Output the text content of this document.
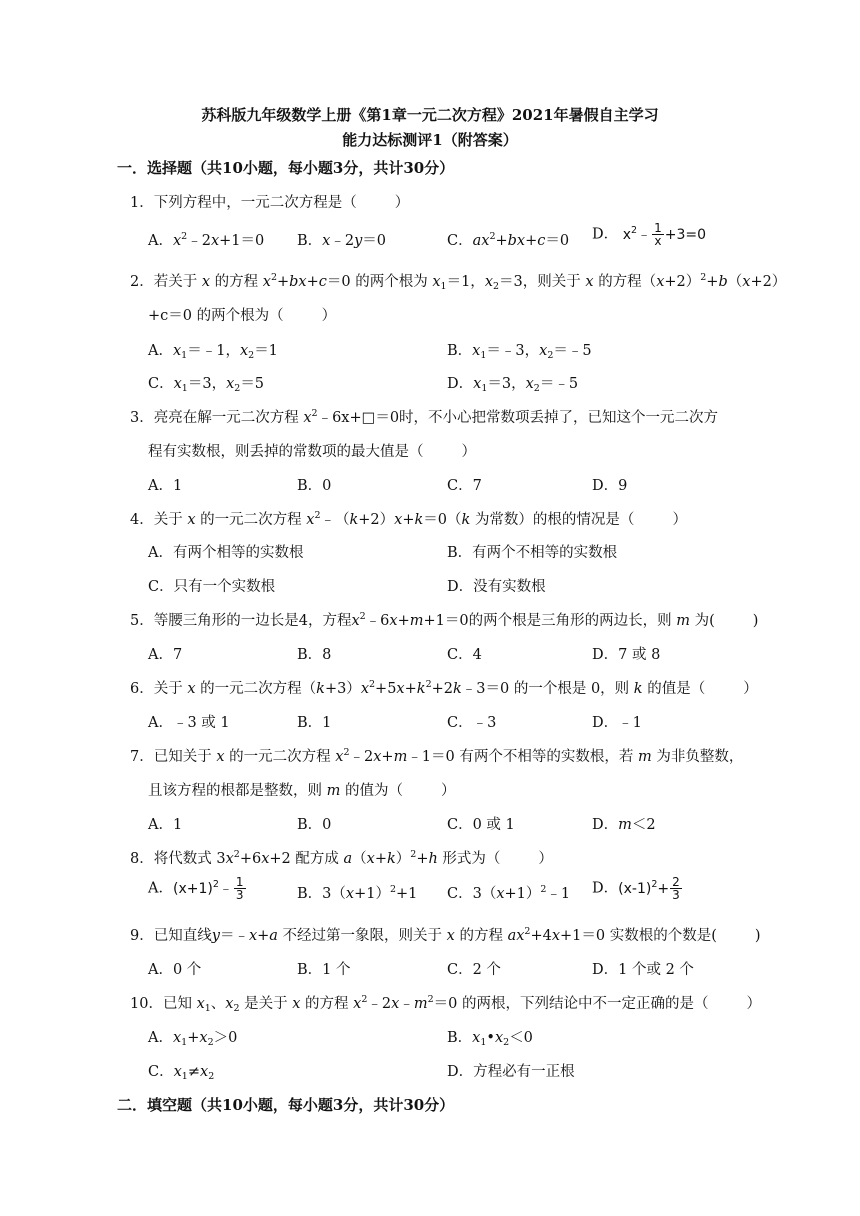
苏科版九年级数学上册《第1章一元二次方程》2021年暑假自主学习
能力达标测评1（附答案）
一．选择题（共10小题，每小题3分，共计30分）
1．下列方程中，一元二次方程是（	）
A．$x^2﹣2x+1=0$ B．x﹣2y＝0	C．$ax^2+bx+c=0$ D． $x^2﹣ \frac{1}{x} +3=0$
2．若关于 x 的方程 $x^2+bx+c=0$ 的两个根为 $x_1=1$，$x_2=3$，则关于 x 的方程$(x+2)^2+b(x+2)$
+c＝0 的两个根为（	）
A．$x_1=﹣1$，$x_2=1$	B．$x_1=﹣3$，$x_2=﹣5$
C．$x_1=3$，$x_2=5$	D．$x_1=3$，$x_2=﹣5$
3．亮亮在解一元二次方程 $x^2﹣6x+□=0$时，不小心把常数项丢掉了，已知这个一元二次方
程有实数根，则丢掉的常数项的最大值是（	）
A．1	B．0	C．7	D．9
4．关于 x 的一元二次方程 $x^2﹣(k+2)x+k=0(k$ 为常数）的根的情况是（	）
A．有两个相等的实数根	B．有两个不相等的实数根
C．只有一个实数根	D．没有实数根
5．等腰三角形的一边长是4，方程$x^2﹣6x+m+1=0$的两个根是三角形的两边长，则 m 为(	)
A．7	B．8	C．4	D．7 或 8
6．关于 x 的一元二次方程$(k+3)x^2+5x+k^2+2k﹣3=0$ 的一个根是 0，则 k 的值是（	）
A．﹣3 或 1	B．1	C．﹣3	D．﹣1
7．已知关于 x 的一元二次方程 $x^2﹣2x+m﹣1=0$ 有两个不相等的实数根，若 m 为非负整数，
且该方程的根都是整数，则 m 的值为（	）
A．1	B．0	C．0 或 1	D．m＜2
8．将代数式 $3x^2+6x+2$ 配方成 $a(x+k)^2+h$ 形式为（	）
A．$(x+1)^2﹣ \frac{1}{3}$	B．$3(x+1)^2+1$ C．$3(x+1)^2﹣1$ D．$(x-1)^2+ \frac{2}{3}$
9．已知直线y＝﹣x+a 不经过第一象限，则关于 x 的方程 $ax^2+4x+1=0$ 实数根的个数是(	)
A．0 个	B．1 个	C．2 个	D．1 个或 2 个
10．已知 $x_1$、$x_2$ 是关于 x 的方程 $x^2﹣2x﹣m^2=0$ 的两根，下列结论中不一定正确的是（	）
A．$x_1+x_2>0$	B．$x_1•x_2<0$
C．$x_1\ne x_2$	D．方程必有一正根
二．填空题（共10小题，每小题3分，共计30分）
